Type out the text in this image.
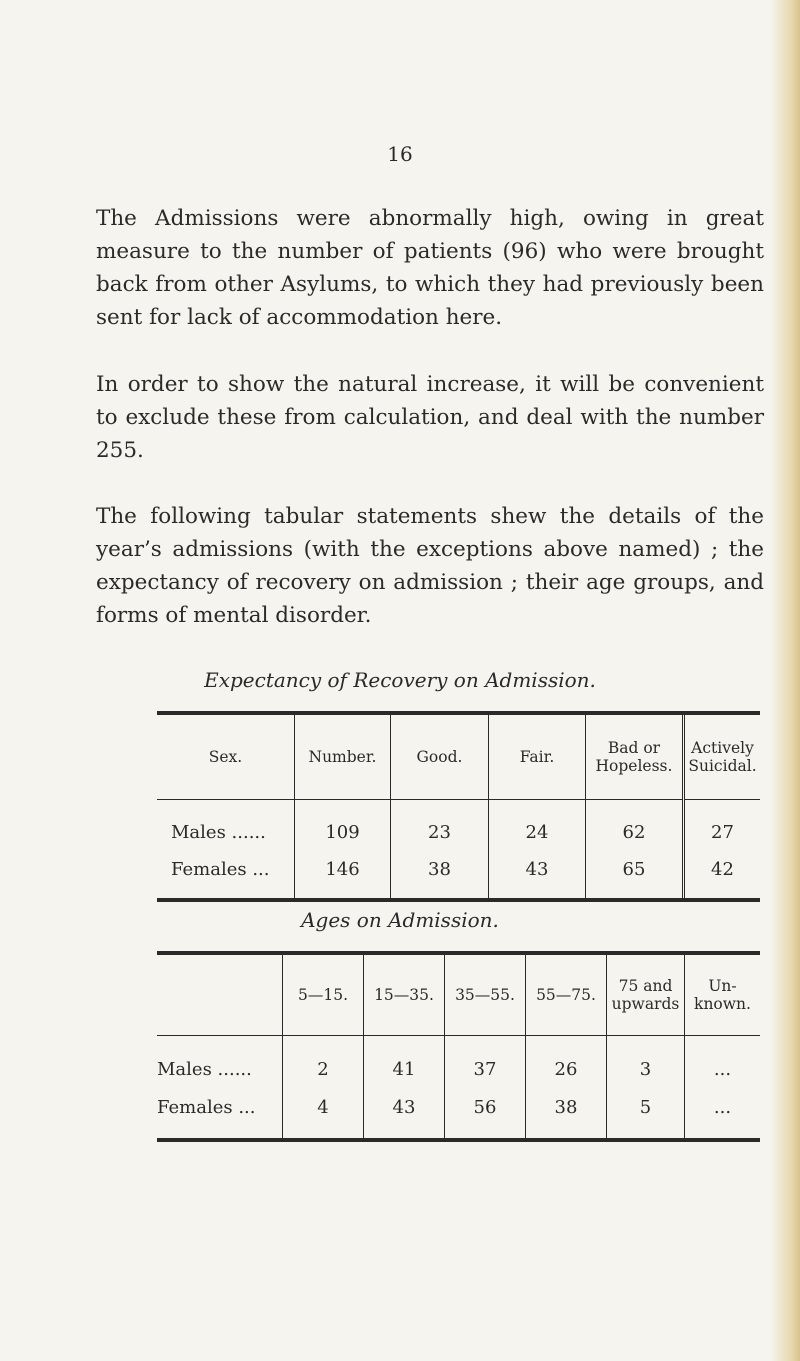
16

The Admissions were abnormally high, owing in great measure to the number of patients (96) who were brought back from other Asylums, to which they had previously been sent for lack of accommodation here.

In order to show the natural increase, it will be convenient to exclude these from calculation, and deal with the number 255.

The following tabular statements shew the details of the year’s admissions (with the exceptions above named) ; the expectancy of recovery on admission ; their age groups, and forms of mental disorder.

Expectancy of Recovery on Admission.
Sex.	Number.	Good.	Fair.	Bad or Hopeless.	Actively Suicidal.
Males ......	109	23	24	62	27
Females ...	146	38	43	65	42
Ages on Admission.
	5—15.	15—35.	35—55.	55—75.	75 and upwards	Un-known.
Males ......	2	41	37	26	3	...
Females ...	4	43	56	38	5	...
